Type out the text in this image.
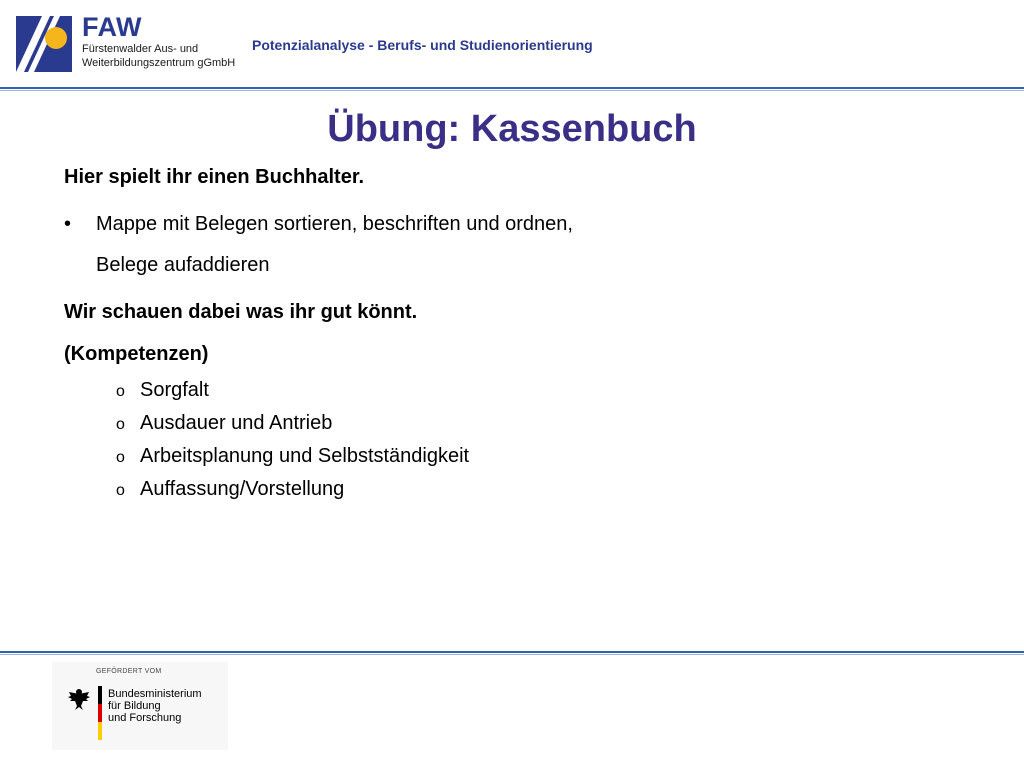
FAW
Fürstenwalder Aus- und
Weiterbildungszentrum gGmbH
Potenzialanalyse - Berufs- und Studienorientierung
Übung: Kassenbuch
Hier spielt ihr einen Buchhalter.
• Mappe mit Belegen sortieren, beschriften und ordnen, Belege aufaddieren
Wir schauen dabei was ihr gut könnt.
(Kompetenzen)
o Sorgfalt
o Ausdauer und Antrieb
o Arbeitsplanung und Selbstständigkeit
o Auffassung/Vorstellung
GEFÖRDERT VOM
Bundesministerium
für Bildung
und Forschung
